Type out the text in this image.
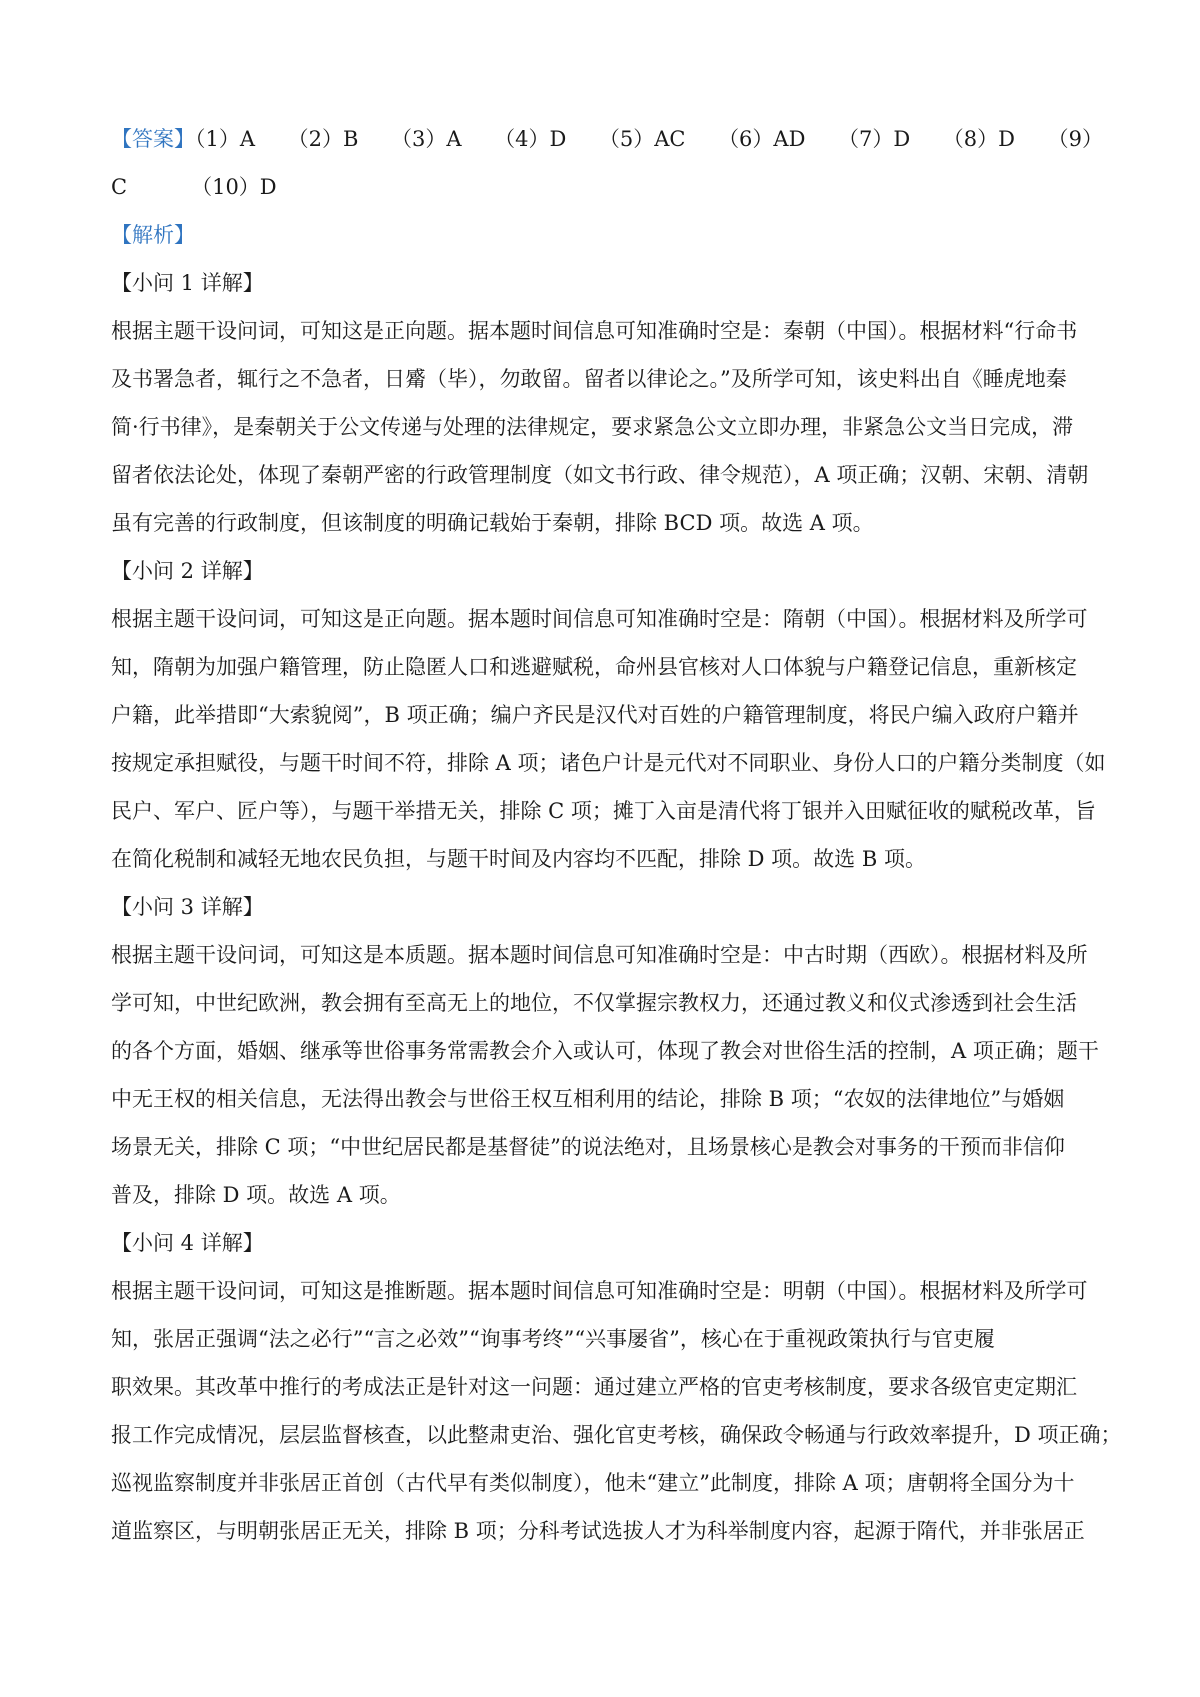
【答案】（1）A （2）B （3）A （4）D （5）AC （6）AD （7）D （8）D （9）
C	（10）D
【解析】
【小问 1 详解】
根据主题干设问词，可知这是正向题。据本题时间信息可知准确时空是：秦朝（中国）。根据材料“行命书
及书署急者，辄行之不急者，日觱（毕），勿敢留。留者以律论之。”及所学可知，该史料出自《睡虎地秦
简·行书律》，是秦朝关于公文传递与处理的法律规定，要求紧急公文立即办理，非紧急公文当日完成，滞
留者依法论处，体现了秦朝严密的行政管理制度（如文书行政、律令规范），A 项正确；汉朝、宋朝、清朝
虽有完善的行政制度，但该制度的明确记载始于秦朝，排除 BCD 项。故选 A 项。
【小问 2 详解】
根据主题干设问词，可知这是正向题。据本题时间信息可知准确时空是：隋朝（中国）。根据材料及所学可
知，隋朝为加强户籍管理，防止隐匿人口和逃避赋税，命州县官核对人口体貌与户籍登记信息，重新核定
户籍，此举措即“大索貌阅”，B 项正确；编户齐民是汉代对百姓的户籍管理制度，将民户编入政府户籍并
按规定承担赋役，与题干时间不符，排除 A 项；诸色户计是元代对不同职业、身份人口的户籍分类制度（如
民户、军户、匠户等），与题干举措无关，排除 C 项；摊丁入亩是清代将丁银并入田赋征收的赋税改革，旨
在简化税制和减轻无地农民负担，与题干时间及内容均不匹配，排除 D 项。故选 B 项。
【小问 3 详解】
根据主题干设问词，可知这是本质题。据本题时间信息可知准确时空是：中古时期（西欧）。根据材料及所
学可知，中世纪欧洲，教会拥有至高无上的地位，不仅掌握宗教权力，还通过教义和仪式渗透到社会生活
的各个方面，婚姻、继承等世俗事务常需教会介入或认可，体现了教会对世俗生活的控制，A 项正确；题干
中无王权的相关信息，无法得出教会与世俗王权互相利用的结论，排除 B 项；“农奴的法律地位”与婚姻
场景无关，排除 C 项；“中世纪居民都是基督徒”的说法绝对，且场景核心是教会对事务的干预而非信仰
普及，排除 D 项。故选 A 项。
【小问 4 详解】
根据主题干设问词，可知这是推断题。据本题时间信息可知准确时空是：明朝（中国）。根据材料及所学可
知，张居正强调“法之必行”“言之必效”“询事考终”“兴事屡省”，核心在于重视政策执行与官吏履
职效果。其改革中推行的考成法正是针对这一问题：通过建立严格的官吏考核制度，要求各级官吏定期汇
报工作完成情况，层层监督核查，以此整肃吏治、强化官吏考核，确保政令畅通与行政效率提升，D 项正确；
巡视监察制度并非张居正首创（古代早有类似制度），他未“建立”此制度，排除 A 项；唐朝将全国分为十
道监察区，与明朝张居正无关，排除 B 项；分科考试选拔人才为科举制度内容，起源于隋代，并非张居正
